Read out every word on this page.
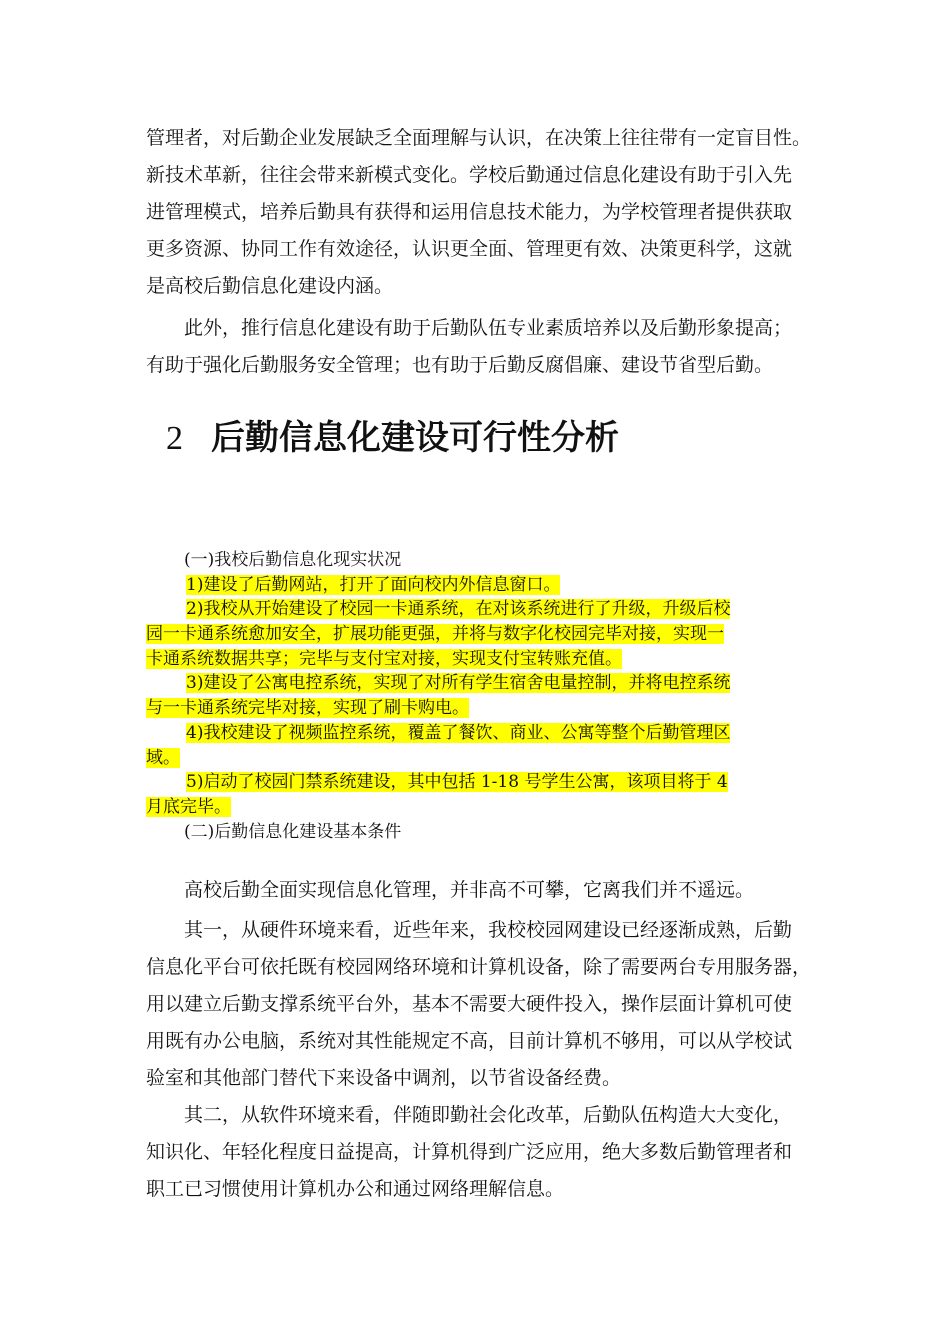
管理者，对后勤企业发展缺乏全面理解与认识，在决策上往往带有一定盲目性。
新技术革新，往往会带来新模式变化。学校后勤通过信息化建设有助于引入先
进管理模式，培养后勤具有获得和运用信息技术能力，为学校管理者提供获取
更多资源、协同工作有效途径，认识更全面、管理更有效、决策更科学，这就
是高校后勤信息化建设内涵。
此外，推行信息化建设有助于后勤队伍专业素质培养以及后勤形象提高；
有助于强化后勤服务安全管理；也有助于后勤反腐倡廉、建设节省型后勤。
2 后勤信息化建设可行性分析
(一)我校后勤信息化现实状况
1)建设了后勤网站，打开了面向校内外信息窗口。
2)我校从开始建设了校园一卡通系统，在对该系统进行了升级，升级后校
园一卡通系统愈加安全，扩展功能更强，并将与数字化校园完毕对接，实现一
卡通系统数据共享；完毕与支付宝对接，实现支付宝转账充值。
3)建设了公寓电控系统，实现了对所有学生宿舍电量控制，并将电控系统
与一卡通系统完毕对接，实现了刷卡购电。
4)我校建设了视频监控系统，覆盖了餐饮、商业、公寓等整个后勤管理区
域。
5)启动了校园门禁系统建设，其中包括 1-18 号学生公寓，该项目将于 4
月底完毕。
(二)后勤信息化建设基本条件
高校后勤全面实现信息化管理，并非高不可攀，它离我们并不遥远。
其一，从硬件环境来看，近些年来，我校校园网建设已经逐渐成熟，后勤
信息化平台可依托既有校园网络环境和计算机设备，除了需要两台专用服务器，
用以建立后勤支撑系统平台外，基本不需要大硬件投入，操作层面计算机可使
用既有办公电脑，系统对其性能规定不高，目前计算机不够用，可以从学校试
验室和其他部门替代下来设备中调剂，以节省设备经费。
其二，从软件环境来看，伴随即勤社会化改革，后勤队伍构造大大变化，
知识化、年轻化程度日益提高，计算机得到广泛应用，绝大多数后勤管理者和
职工已习惯使用计算机办公和通过网络理解信息。
